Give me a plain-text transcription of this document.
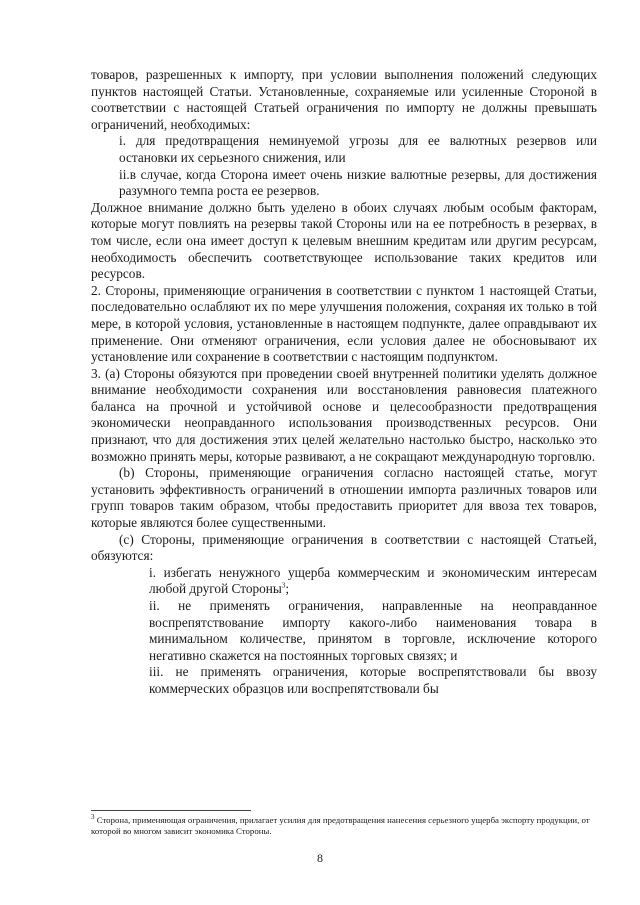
товаров, разрешенных к импорту, при условии выполнения положений следующих пунктов настоящей Статьи. Установленные, сохраняемые или усиленные Стороной в соответствии с настоящей Статьей ограничения по импорту не должны превышать ограничений, необходимых:

i. для предотвращения неминуемой угрозы для ее валютных резервов или остановки их серьезного снижения, или

ii.в случае, когда Сторона имеет очень низкие валютные резервы, для достижения разумного темпа роста ее резервов.

Должное внимание должно быть уделено в обоих случаях любым особым факторам, которые могут повлиять на резервы такой Стороны или на ее потребность в резервах, в том числе, если она имеет доступ к целевым внешним кредитам или другим ресурсам, необходимость обеспечить соответствующее использование таких кредитов или ресурсов.

2. Стороны, применяющие ограничения в соответствии с пунктом 1 настоящей Статьи, последовательно ослабляют их по мере улучшения положения, сохраняя их только в той мере, в которой условия, установленные в настоящем подпункте, далее оправдывают их применение. Они отменяют ограничения, если условия далее не обосновывают их установление или сохранение в соответствии с настоящим подпунктом.

3. (а) Стороны обязуются при проведении своей внутренней политики уделять должное внимание необходимости сохранения или восстановления равновесия платежного баланса на прочной и устойчивой основе и целесообразности предотвращения экономически неоправданного использования производственных ресурсов. Они признают, что для достижения этих целей желательно настолько быстро, насколько это возможно принять меры, которые развивают, а не сокращают международную торговлю.

(b) Стороны, применяющие ограничения согласно настоящей статье, могут установить эффективность ограничений в отношении импорта различных товаров или групп товаров таким образом, чтобы предоставить приоритет для ввоза тех товаров, которые являются более существенными.

(с) Стороны, применяющие ограничения в соответствии с настоящей Статьей, обязуются:

i. избегать ненужного ущерба коммерческим и экономическим интересам любой другой Стороны$^3$;

ii. не применять ограничения, направленные на неоправданное воспрепятствование импорту какого-либо наименования товара в минимальном количестве, принятом в торговле, исключение которого негативно скажется на постоянных торговых связях; и

iii. не применять ограничения, которые воспрепятствовали бы ввозу коммерческих образцов или воспрепятствовали бы

$^3$ Сторона, применяющая ограничения, прилагает усилия для предотвращения нанесения серьезного ущерба экспорту продукции, от которой во многом зависит экономика Стороны.
8
